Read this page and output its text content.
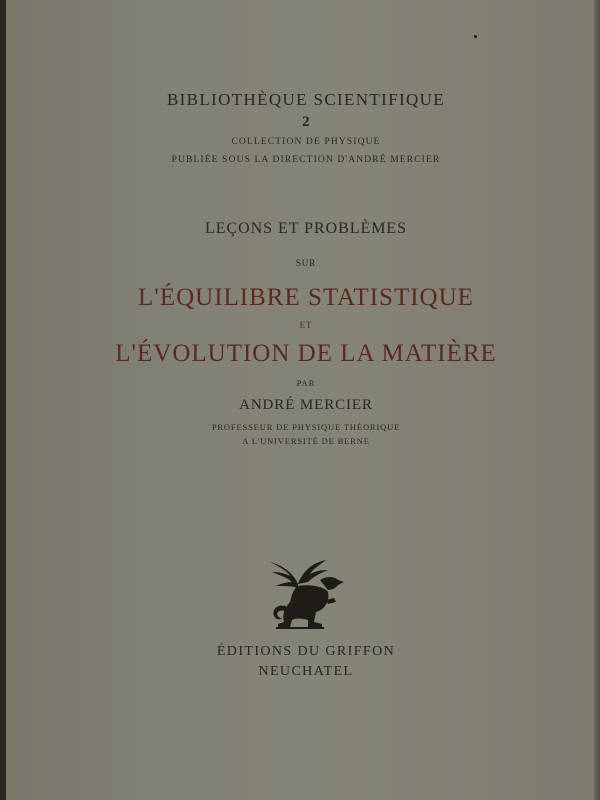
BIBLIOTHÈQUE SCIENTIFIQUE
2
COLLECTION DE PHYSIQUE
PUBLIÉE SOUS LA DIRECTION D'ANDRÉ MERCIER
LEÇONS ET PROBLÈMES
SUR
L'ÉQUILIBRE STATISTIQUE
ET
L'ÉVOLUTION DE LA MATIÈRE
PAR
ANDRÉ MERCIER
PROFESSEUR DE PHYSIQUE THÉORIQUE
A L'UNIVERSITÉ DE BERNE
ÉDITIONS DU GRIFFON
NEUCHATEL
